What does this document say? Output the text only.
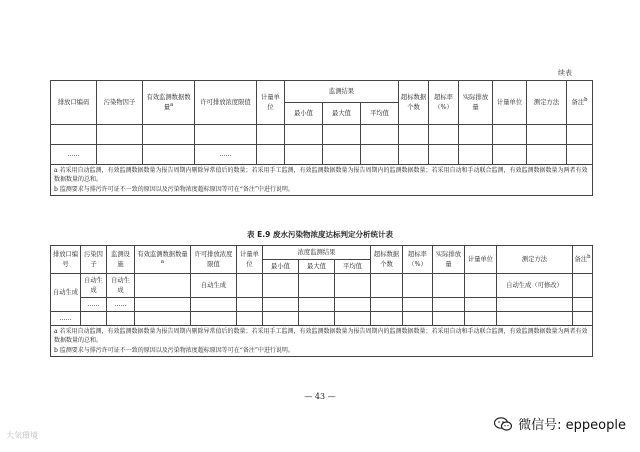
续表
排放口编码	污染物因子	有效监测数据数量$^a$	许可排放浓度限值	计量单位	监测结果			超标数据个数	超标率（%）	实际排放量	计量单位	测定方法	备注$^b$
					最小值	最大值	平均值						

……			……										

a 若采用自动监测，有效监测数据数量为报告周期内剔除异常值后的数量；若采用手工监测，有效监测数据数量为报告周期内的监测数据数量；若采用自动和手动联合监测，有效监测数据数量为两者有效数据数量的总和。
b 监测要求与排污许可证不一致的原因以及污染物浓度超标原因等可在“备注”中进行说明。													
表 E.9 废水污染物浓度达标判定分析统计表
排放口编号	污染因子	监测设施	有效监测数据数量$^a$	许可排放浓度限值	计量单位	浓度监测结果			超标数据个数	超标率（%）	实际排放量	计量单位	测定方法	备注$^b$
						最小值	最大值	平均值						
自动生成	自动生成	自动生成		自动生成									自动生成（可修改）	
	……	……												
……														

a 若采用自动监测，有效监测数据数量为报告周期内剔除异常值后的数量；若采用手工监测，有效监测数据数量为报告周期内的监测数据数量；若采用自动和手动联合监测，有效监测数据数量为两者有效数据数量的总和。
b 监测要求与排污许可证不一致的原因以及污染物浓度超标原因等可在“备注”中进行说明。														
— 43 —
大気環境
微信号: eppeople
